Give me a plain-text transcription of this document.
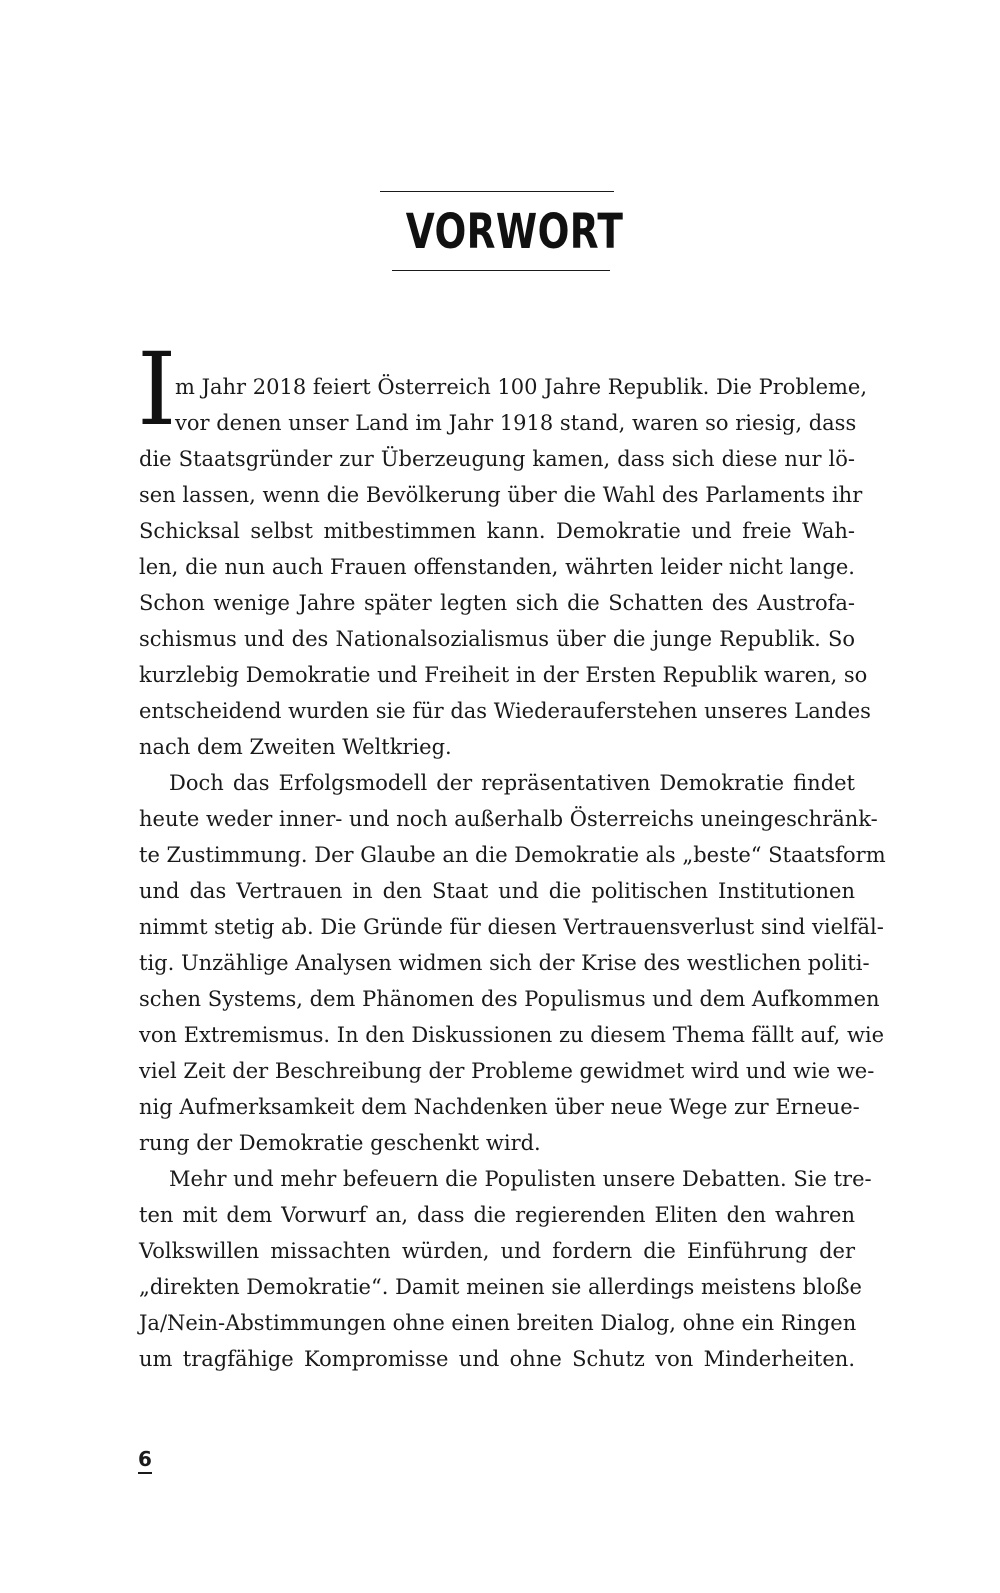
VORWORT
I
m Jahr 2018 feiert Österreich 100 Jahre Republik. Die Probleme,
vor denen unser Land im Jahr 1918 stand, waren so riesig, dass
die Staatsgründer zur Überzeugung kamen, dass sich diese nur lö-
sen lassen, wenn die Bevölkerung über die Wahl des Parlaments ihr
Schicksal selbst mitbestimmen kann. Demokratie und freie Wah-
len, die nun auch Frauen offenstanden, währten leider nicht lange.
Schon wenige Jahre später legten sich die Schatten des Austrofa-
schismus und des Nationalsozialismus über die junge Republik. So
kurzlebig Demokratie und Freiheit in der Ersten Republik waren, so
entscheidend wurden sie für das Wiederauferstehen unseres Landes
nach dem Zweiten Weltkrieg.
Doch das Erfolgsmodell der repräsentativen Demokratie findet
heute weder inner- und noch außerhalb Österreichs uneingeschränk-
te Zustimmung. Der Glaube an die Demokratie als „beste“ Staatsform
und das Vertrauen in den Staat und die politischen Institutionen
nimmt stetig ab. Die Gründe für diesen Vertrauensverlust sind vielfäl-
tig. Unzählige Analysen widmen sich der Krise des westlichen politi-
schen Systems, dem Phänomen des Populismus und dem Aufkommen
von Extremismus. In den Diskussionen zu diesem Thema fällt auf, wie
viel Zeit der Beschreibung der Probleme gewidmet wird und wie we-
nig Aufmerksamkeit dem Nachdenken über neue Wege zur Erneue-
rung der Demokratie geschenkt wird.
Mehr und mehr befeuern die Populisten unsere Debatten. Sie tre-
ten mit dem Vorwurf an, dass die regierenden Eliten den wahren
Volkswillen missachten würden, und fordern die Einführung der
„direkten Demokratie“. Damit meinen sie allerdings meistens bloße
Ja/Nein-Abstimmungen ohne einen breiten Dialog, ohne ein Ringen
um tragfähige Kompromisse und ohne Schutz von Minderheiten.
6
